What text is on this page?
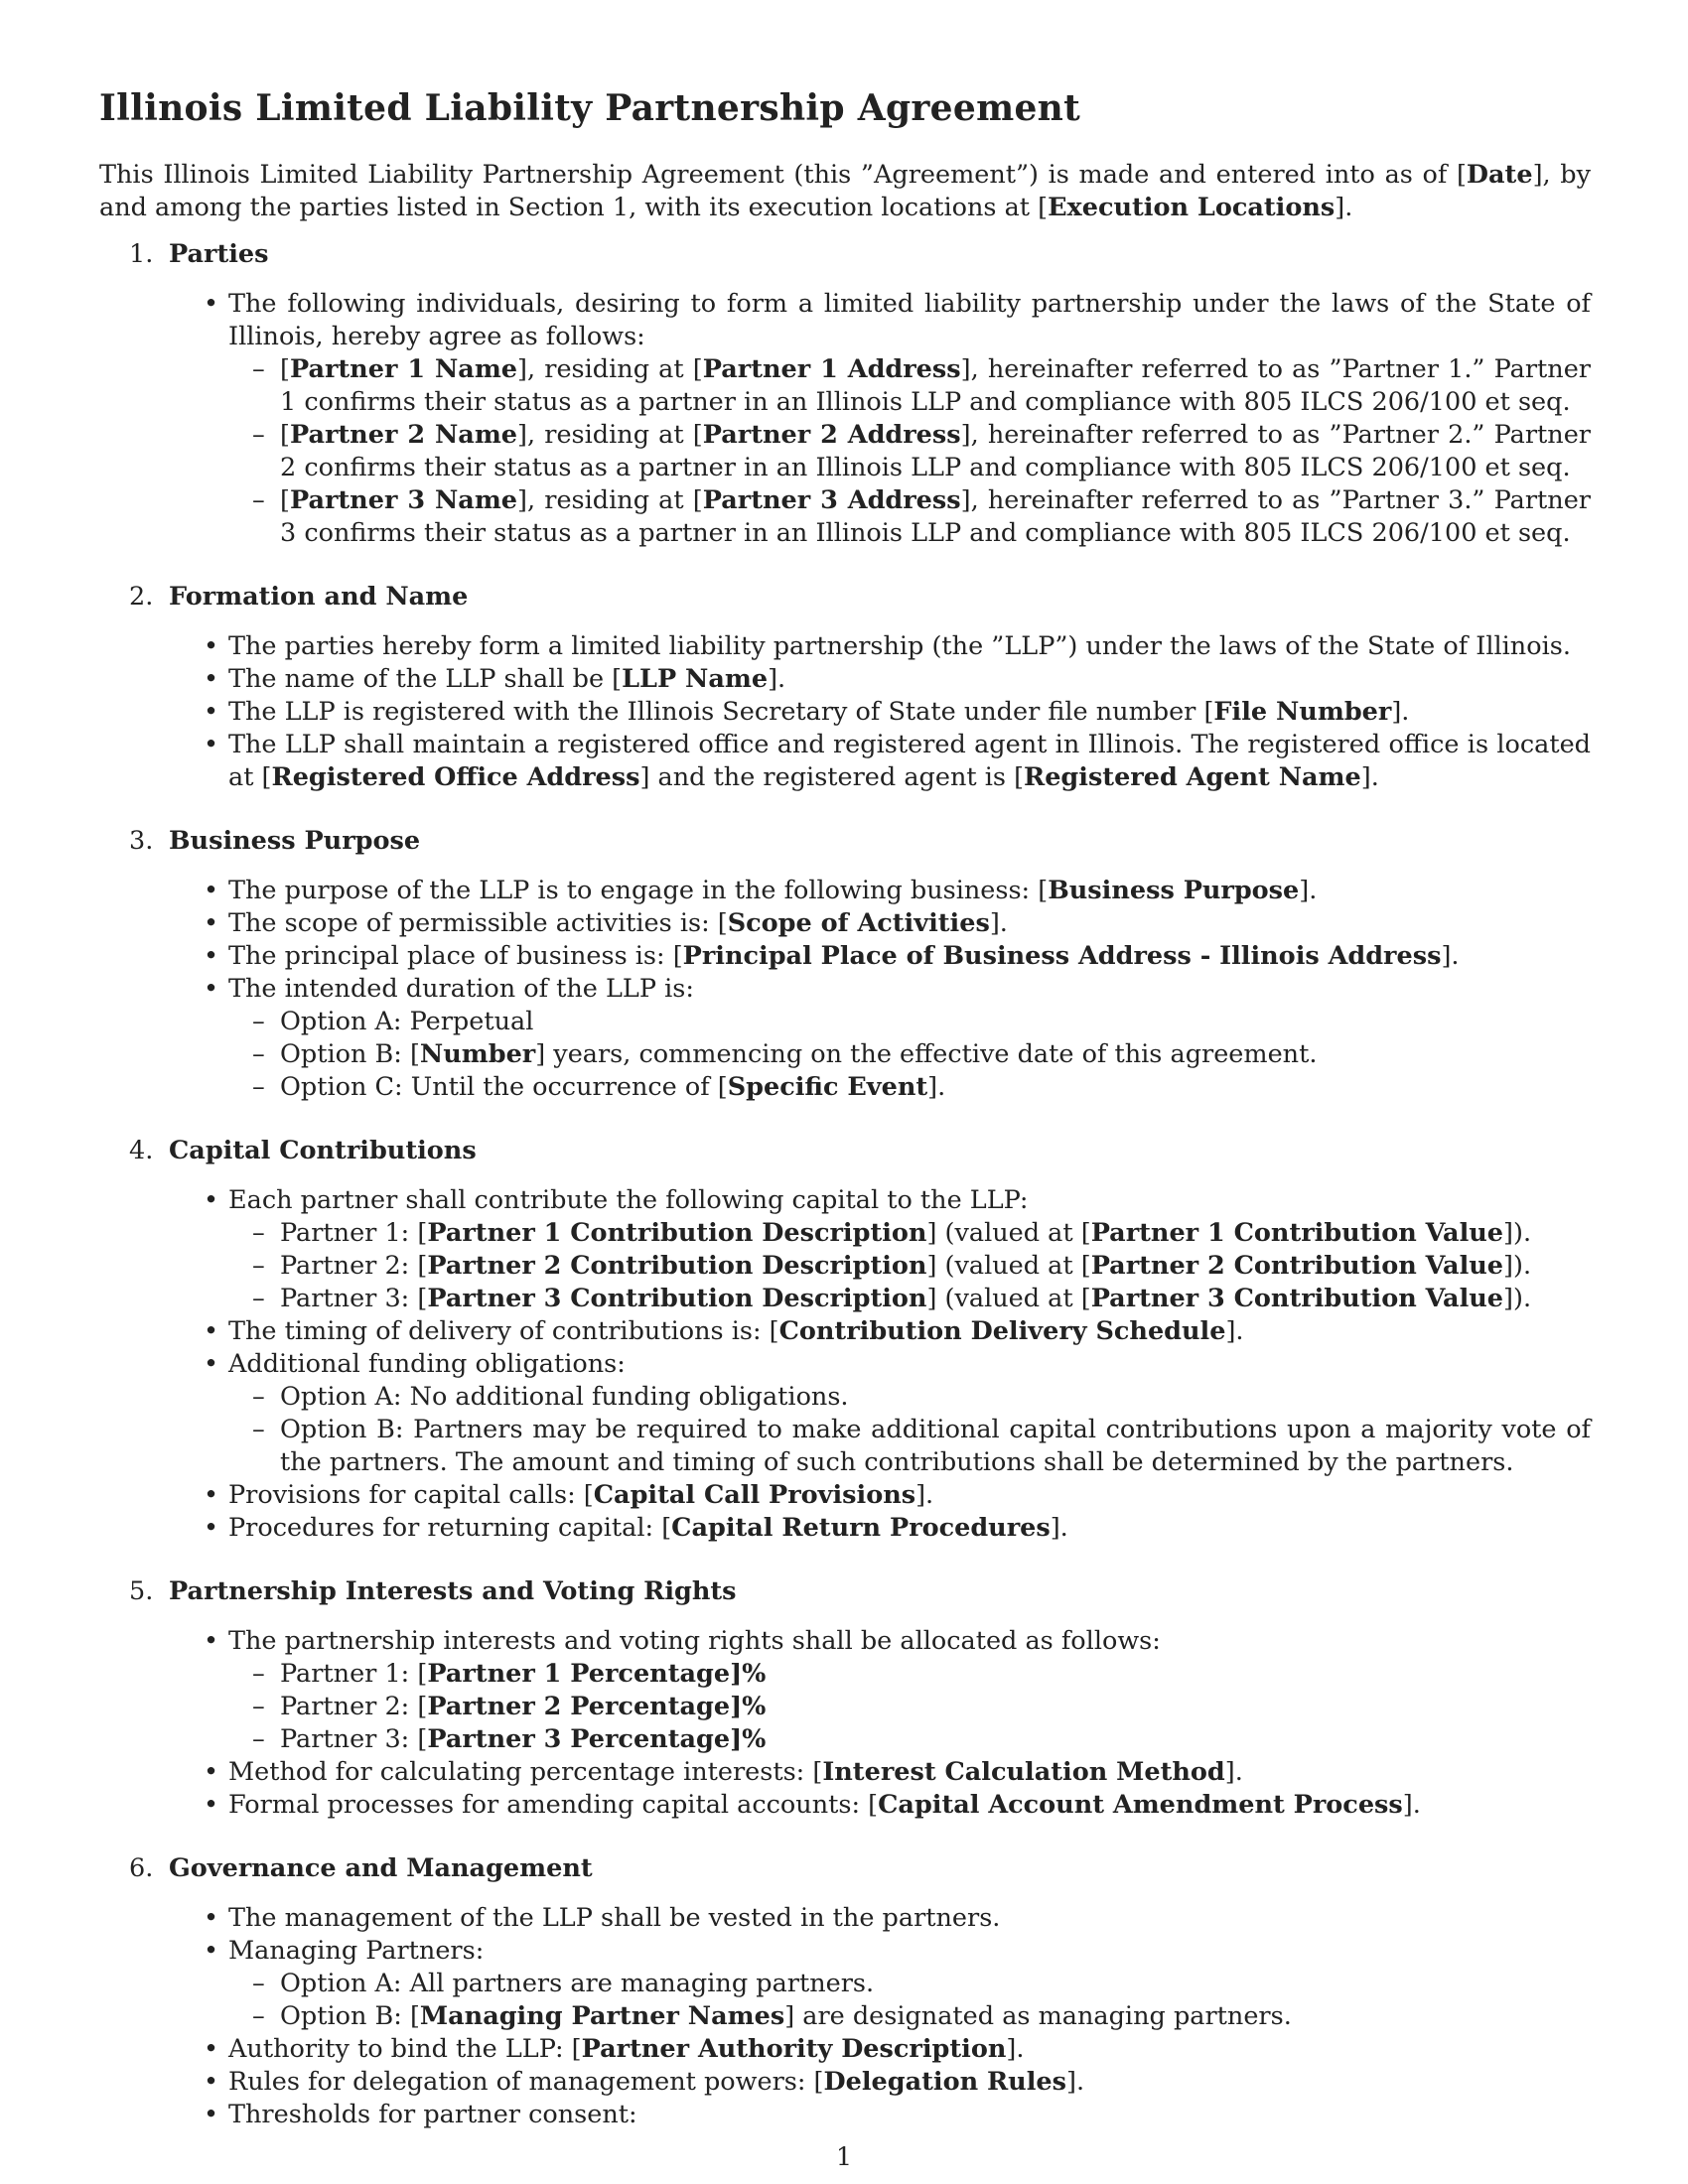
Illinois Limited Liability Partnership Agreement

This Illinois Limited Liability Partnership Agreement (this ”Agreement”) is made and entered into as of [Date], by and among the parties listed in Section 1, with its execution locations at [Execution Locations].

1. Parties
• The following individuals, desiring to form a limited liability partnership under the laws of the State of Illinois, hereby agree as follows:
– [Partner 1 Name], residing at [Partner 1 Address], hereinafter referred to as ”Partner 1.” Partner 1 confirms their status as a partner in an Illinois LLP and compliance with 805 ILCS 206/100 et seq.
– [Partner 2 Name], residing at [Partner 2 Address], hereinafter referred to as ”Partner 2.” Partner 2 confirms their status as a partner in an Illinois LLP and compliance with 805 ILCS 206/100 et seq.
– [Partner 3 Name], residing at [Partner 3 Address], hereinafter referred to as ”Partner 3.” Partner 3 confirms their status as a partner in an Illinois LLP and compliance with 805 ILCS 206/100 et seq.
2. Formation and Name
• The parties hereby form a limited liability partnership (the ”LLP”) under the laws of the State of Illinois.
• The name of the LLP shall be [LLP Name].
• The LLP is registered with the Illinois Secretary of State under file number [File Number].
• The LLP shall maintain a registered office and registered agent in Illinois. The registered office is located at [Registered Office Address] and the registered agent is [Registered Agent Name].
3. Business Purpose
• The purpose of the LLP is to engage in the following business: [Business Purpose].
• The scope of permissible activities is: [Scope of Activities].
• The principal place of business is: [Principal Place of Business Address - Illinois Address].
• The intended duration of the LLP is:
– Option A: Perpetual
– Option B: [Number] years, commencing on the effective date of this agreement.
– Option C: Until the occurrence of [Specific Event].
4. Capital Contributions
• Each partner shall contribute the following capital to the LLP:
– Partner 1: [Partner 1 Contribution Description] (valued at [Partner 1 Contribution Value]).
– Partner 2: [Partner 2 Contribution Description] (valued at [Partner 2 Contribution Value]).
– Partner 3: [Partner 3 Contribution Description] (valued at [Partner 3 Contribution Value]).
• The timing of delivery of contributions is: [Contribution Delivery Schedule].
• Additional funding obligations:
– Option A: No additional funding obligations.
– Option B: Partners may be required to make additional capital contributions upon a majority vote of the partners. The amount and timing of such contributions shall be determined by the partners.
• Provisions for capital calls: [Capital Call Provisions].
• Procedures for returning capital: [Capital Return Procedures].
5. Partnership Interests and Voting Rights
• The partnership interests and voting rights shall be allocated as follows:
– Partner 1: [Partner 1 Percentage]%
– Partner 2: [Partner 2 Percentage]%
– Partner 3: [Partner 3 Percentage]%
• Method for calculating percentage interests: [Interest Calculation Method].
• Formal processes for amending capital accounts: [Capital Account Amendment Process].
6. Governance and Management
• The management of the LLP shall be vested in the partners.
• Managing Partners:
– Option A: All partners are managing partners.
– Option B: [Managing Partner Names] are designated as managing partners.
• Authority to bind the LLP: [Partner Authority Description].
• Rules for delegation of management powers: [Delegation Rules].
• Thresholds for partner consent:
1
